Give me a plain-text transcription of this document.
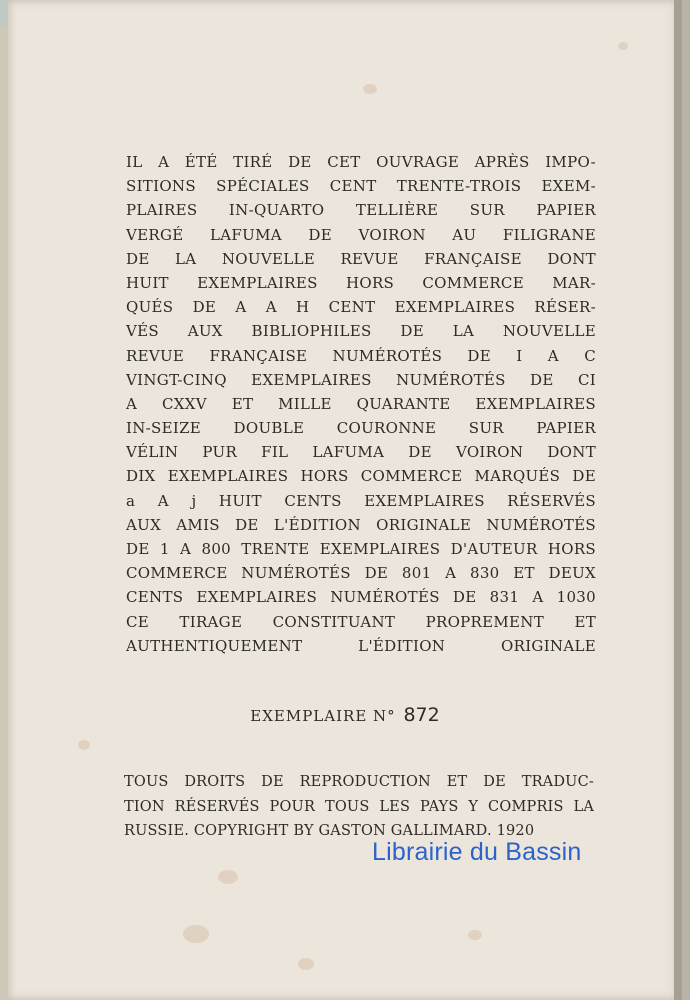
IL A ÉTÉ TIRÉ DE CET OUVRAGE APRÈS IMPO-
SITIONS SPÉCIALES CENT TRENTE-TROIS EXEM-
PLAIRES IN-QUARTO TELLIÈRE SUR PAPIER
VERGÉ LAFUMA DE VOIRON AU FILIGRANE
DE LA NOUVELLE REVUE FRANÇAISE DONT
HUIT EXEMPLAIRES HORS COMMERCE MAR-
QUÉS DE A A H CENT EXEMPLAIRES RÉSER-
VÉS AUX BIBLIOPHILES DE LA NOUVELLE
REVUE FRANÇAISE NUMÉROTÉS DE I A C
VINGT-CINQ EXEMPLAIRES NUMÉROTÉS DE CI
A CXXV ET MILLE QUARANTE EXEMPLAIRES
IN-SEIZE DOUBLE COURONNE SUR PAPIER
VÉLIN PUR FIL LAFUMA DE VOIRON DONT
DIX EXEMPLAIRES HORS COMMERCE MARQUÉS DE
a A j HUIT CENTS EXEMPLAIRES RÉSERVÉS
AUX AMIS DE L'ÉDITION ORIGINALE NUMÉROTÉS
DE 1 A 800 TRENTE EXEMPLAIRES D'AUTEUR HORS
COMMERCE NUMÉROTÉS DE 801 A 830 ET DEUX
CENTS EXEMPLAIRES NUMÉROTÉS DE 831 A 1030
CE TIRAGE CONSTITUANT PROPREMENT ET
AUTHENTIQUEMENT L'ÉDITION ORIGINALE
EXEMPLAIRE N° 872
TOUS DROITS DE REPRODUCTION ET DE TRADUC-
TION RÉSERVÉS POUR TOUS LES PAYS Y COMPRIS LA
RUSSIE. COPYRIGHT BY GASTON GALLIMARD. 1920
Librairie du Bassin
